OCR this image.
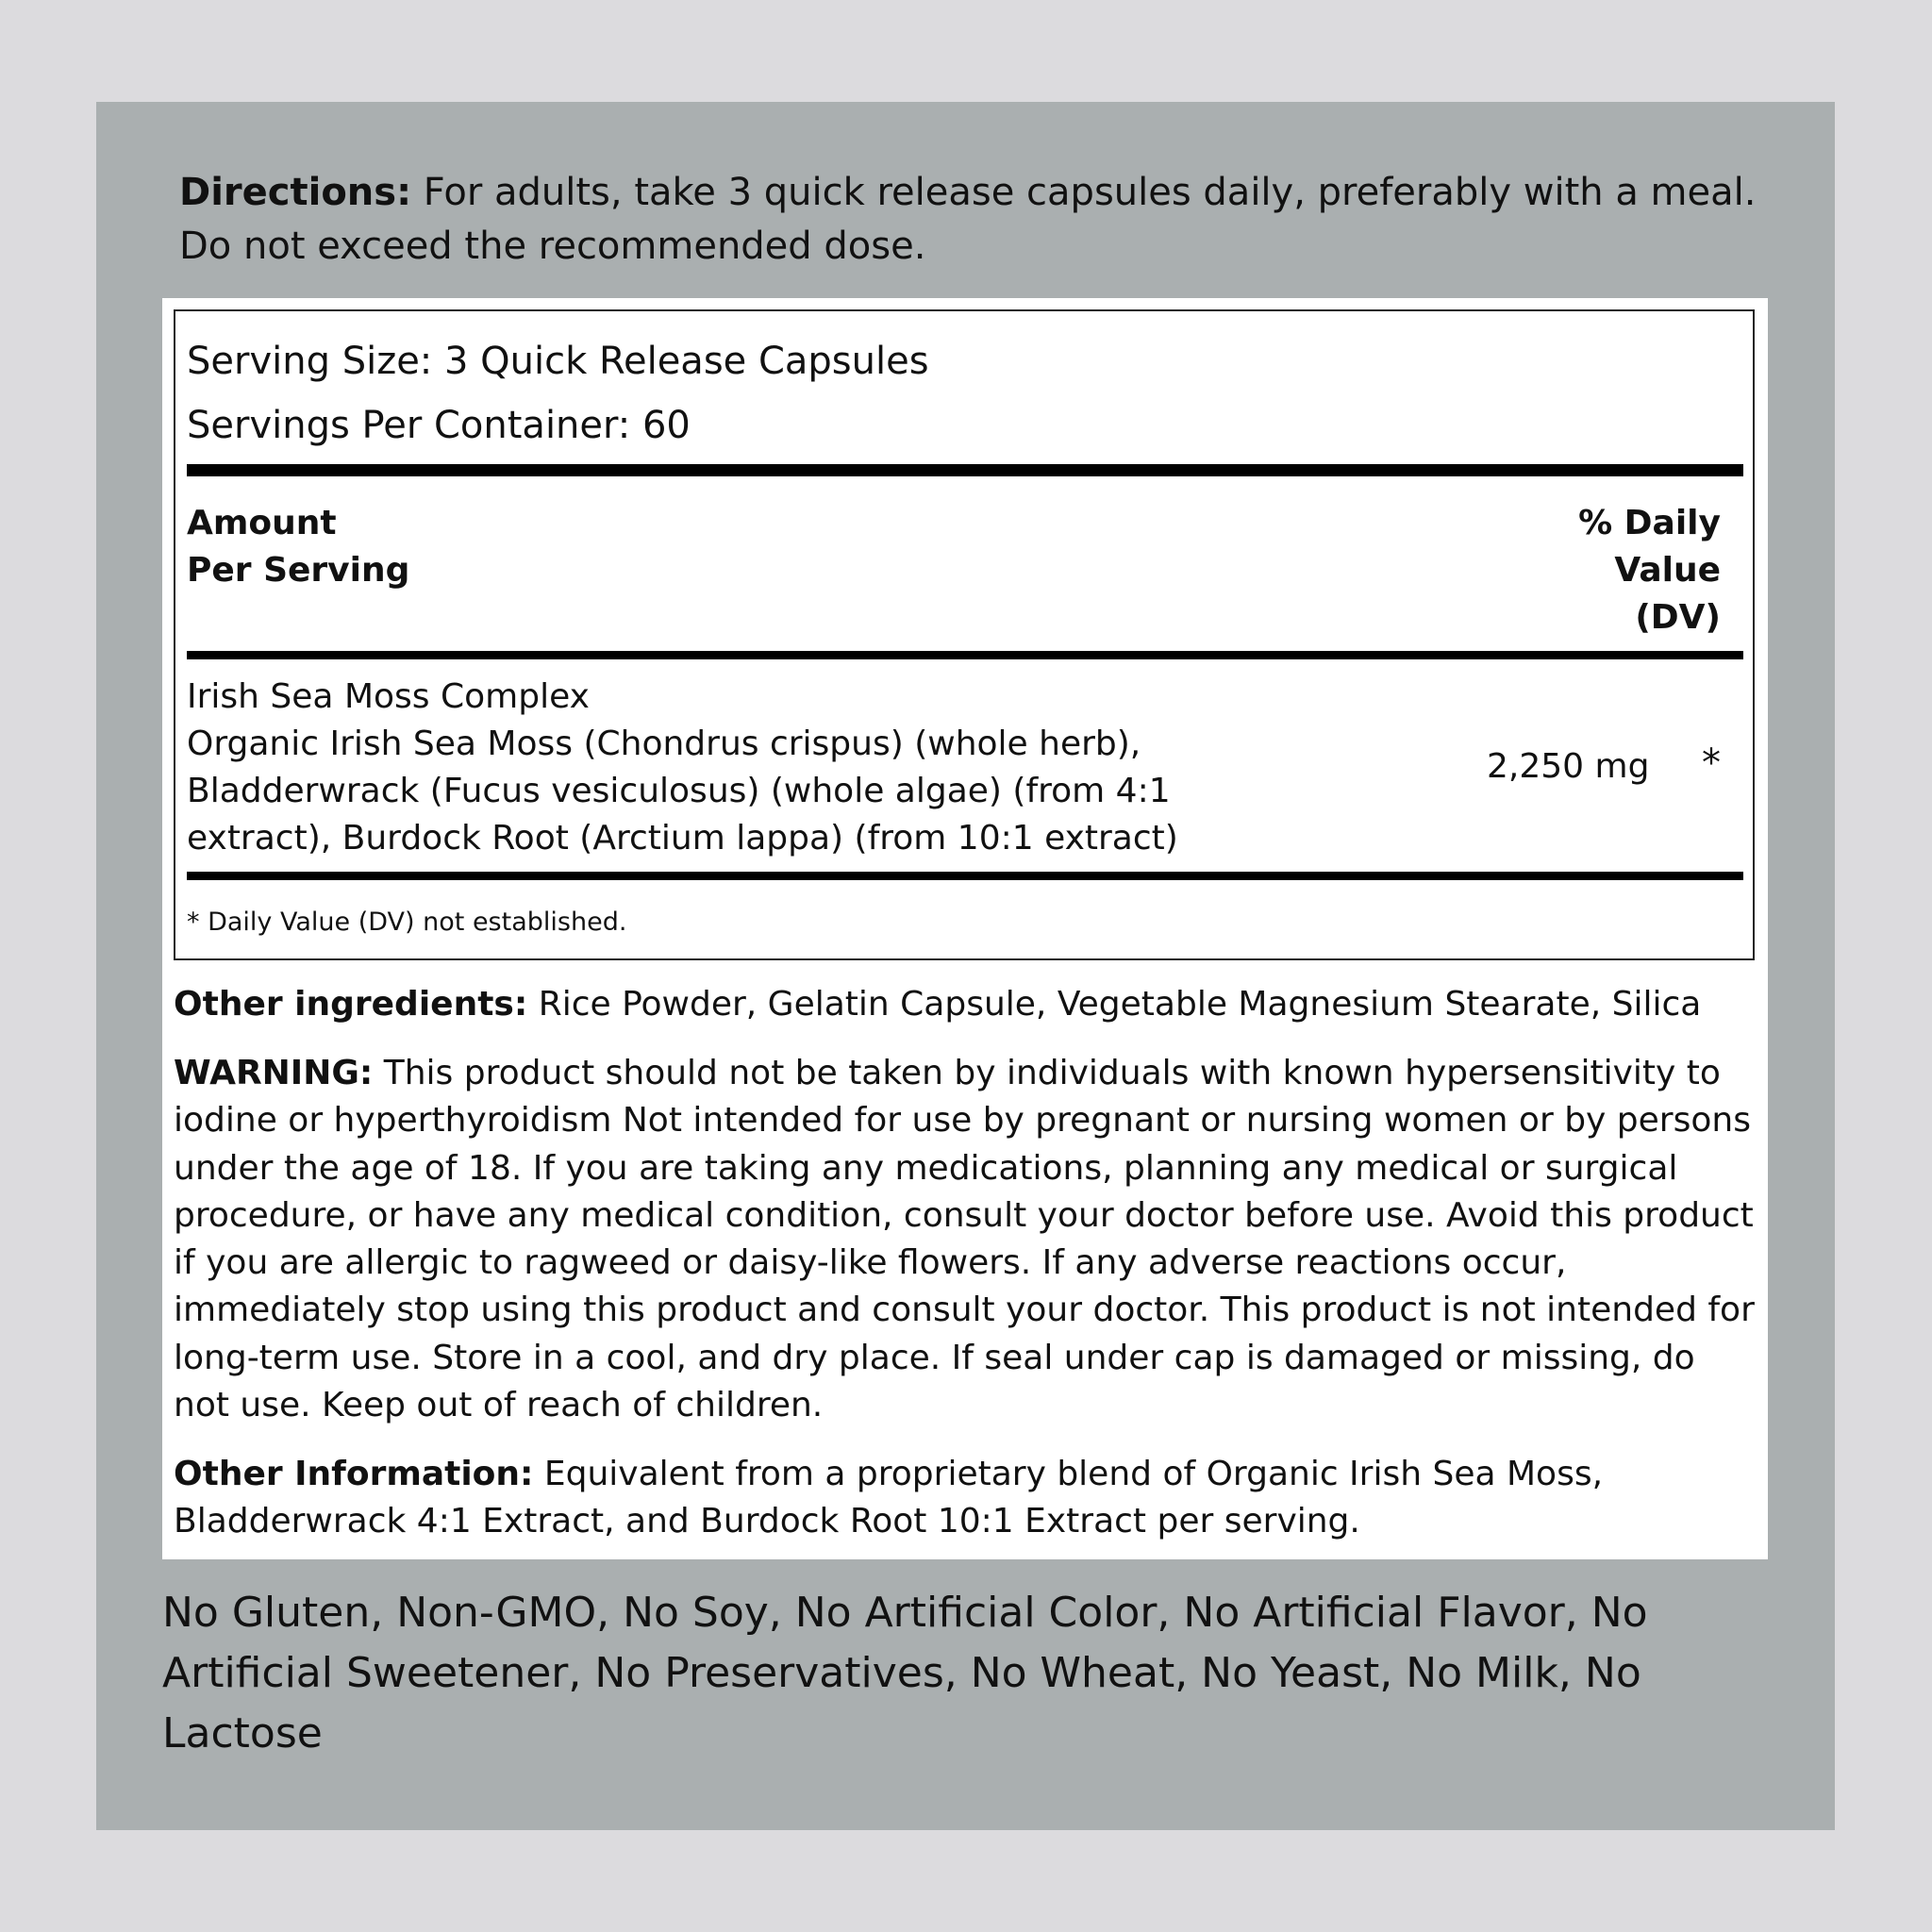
Directions: For adults, take 3 quick release capsules daily, preferably with a meal. Do not exceed the recommended dose.

Serving Size: 3 Quick Release Capsules
Servings Per Container: 60
Amount
Per Serving
% Daily
Value
(DV)
Irish Sea Moss Complex
Organic Irish Sea Moss (Chondrus crispus) (whole herb),
Bladderwrack (Fucus vesiculosus) (whole algae) (from 4:1
extract), Burdock Root (Arctium lappa) (from 10:1 extract)
2,250 mg *
* Daily Value (DV) not established.

Other ingredients: Rice Powder, Gelatin Capsule, Vegetable Magnesium Stearate, Silica

WARNING: This product should not be taken by individuals with known hypersensitivity to iodine or hyperthyroidism Not intended for use by pregnant or nursing women or by persons under the age of 18. If you are taking any medications, planning any medical or surgical procedure, or have any medical condition, consult your doctor before use. Avoid this product if you are allergic to ragweed or daisy-like flowers. If any adverse reactions occur, immediately stop using this product and consult your doctor. This product is not intended for long-term use. Store in a cool, and dry place. If seal under cap is damaged or missing, do not use. Keep out of reach of children.

Other Information: Equivalent from a proprietary blend of Organic Irish Sea Moss, Bladderwrack 4:1 Extract, and Burdock Root 10:1 Extract per serving.

No Gluten, Non-GMO, No Soy, No Artificial Color, No Artificial Flavor, No Artificial Sweetener, No Preservatives, No Wheat, No Yeast, No Milk, No Lactose
